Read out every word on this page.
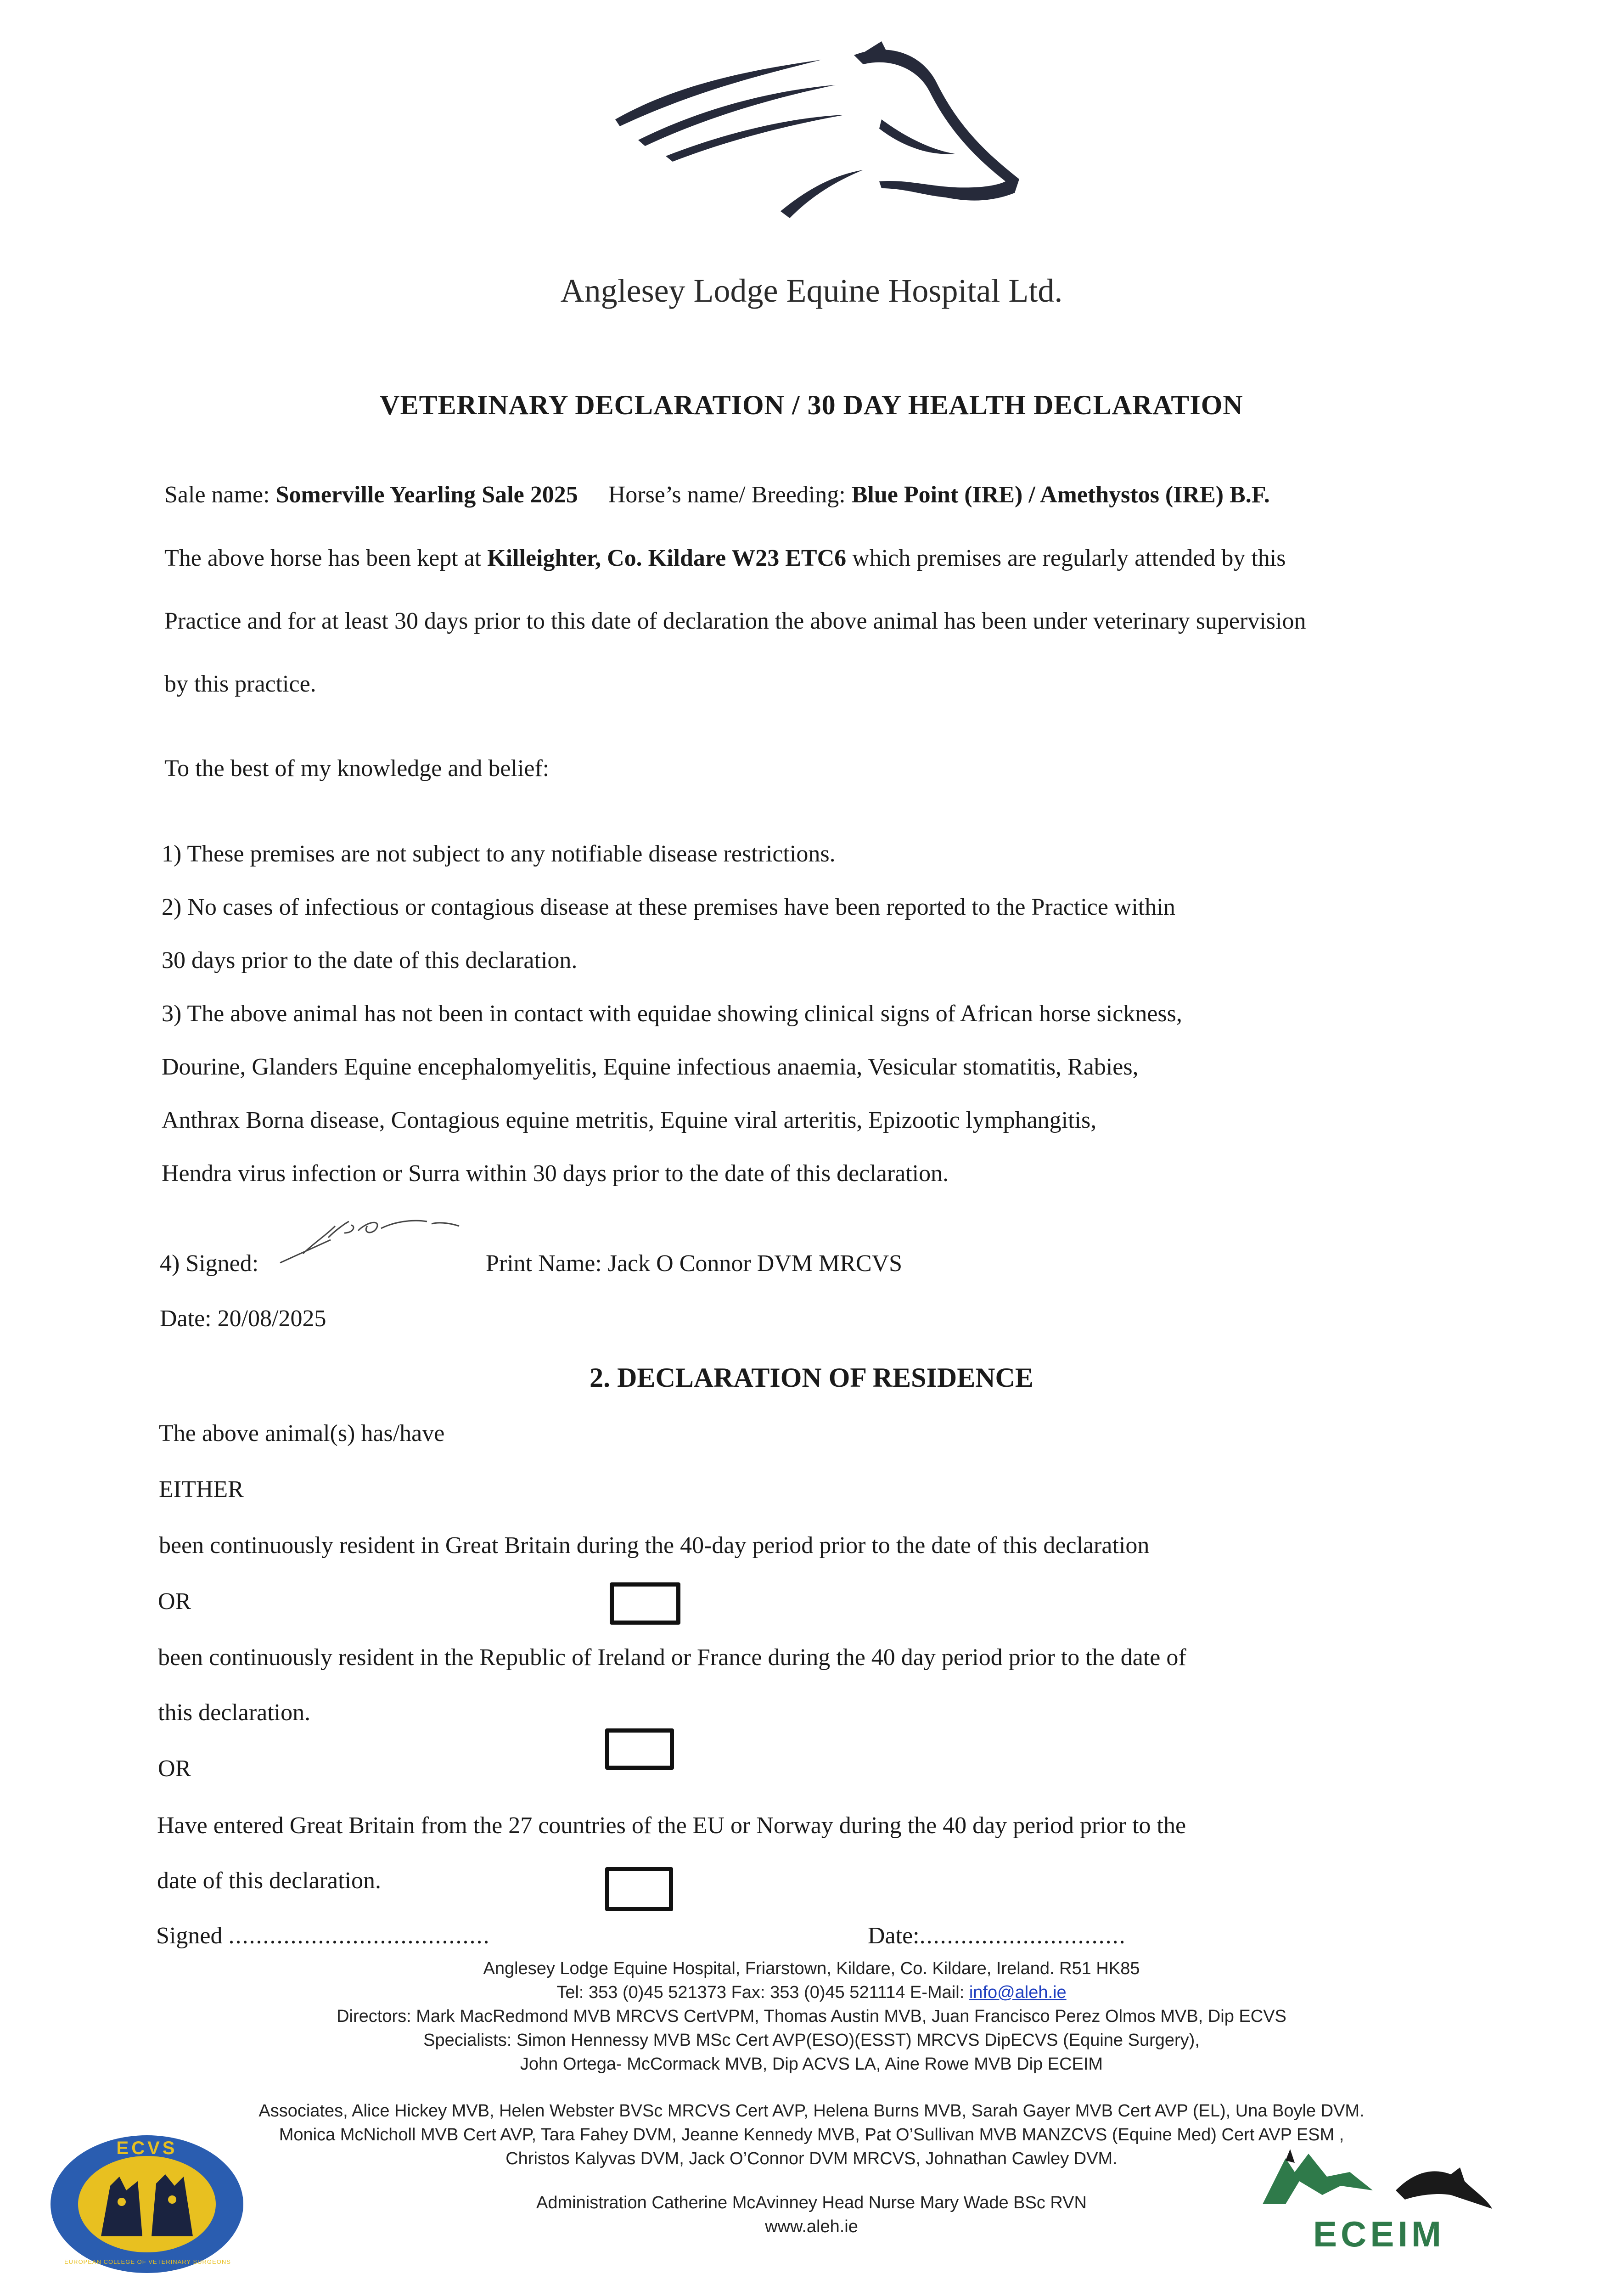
Anglesey Lodge Equine Hospital Ltd.
VETERINARY DECLARATION / 30 DAY HEALTH DECLARATION
Sale name: Somerville Yearling Sale 2025 Horse’s name/ Breeding: Blue Point (IRE) / Amethystos (IRE) B.F.
The above horse has been kept at Killeighter, Co. Kildare W23 ETC6 which premises are regularly attended by this
Practice and for at least 30 days prior to this date of declaration the above animal has been under veterinary supervision
by this practice.
To the best of my knowledge and belief:
1) These premises are not subject to any notifiable disease restrictions.
2) No cases of infectious or contagious disease at these premises have been reported to the Practice within
30 days prior to the date of this declaration.
3) The above animal has not been in contact with equidae showing clinical signs of African horse sickness,
Dourine, Glanders Equine encephalomyelitis, Equine infectious anaemia, Vesicular stomatitis, Rabies,
Anthrax Borna disease, Contagious equine metritis, Equine viral arteritis, Epizootic lymphangitis,
Hendra virus infection or Surra within 30 days prior to the date of this declaration.
4) Signed:	Print Name: Jack O Connor DVM MRCVS
Date: 20/08/2025
2. DECLARATION OF RESIDENCE
The above animal(s) has/have
EITHER
been continuously resident in Great Britain during the 40-day period prior to the date of this declaration
OR
been continuously resident in the Republic of Ireland or France during the 40 day period prior to the date of
this declaration.
OR
Have entered Great Britain from the 27 countries of the EU or Norway during the 40 day period prior to the
date of this declaration.
Signed ......................................	Date:..............................
Anglesey Lodge Equine Hospital, Friarstown, Kildare, Co. Kildare, Ireland. R51 HK85
Tel: 353 (0)45 521373 Fax: 353 (0)45 521114 E-Mail: info@aleh.ie
Directors: Mark MacRedmond MVB MRCVS CertVPM, Thomas Austin MVB, Juan Francisco Perez Olmos MVB, Dip ECVS
Specialists: Simon Hennessy MVB MSc Cert AVP(ESO)(ESST) MRCVS DipECVS (Equine Surgery),
John Ortega- McCormack MVB, Dip ACVS LA, Aine Rowe MVB Dip ECEIM
Associates, Alice Hickey MVB, Helen Webster BVSc MRCVS Cert AVP, Helena Burns MVB, Sarah Gayer MVB Cert AVP (EL), Una Boyle DVM.
Monica McNicholl MVB Cert AVP, Tara Fahey DVM, Jeanne Kennedy MVB, Pat O’Sullivan MVB MANZCVS (Equine Med) Cert AVP ESM ,
Christos Kalyvas DVM, Jack O’Connor DVM MRCVS, Johnathan Cawley DVM.
Administration Catherine McAvinney Head Nurse Mary Wade BSc RVN
www.aleh.ie
ECVS
EUROPEAN COLLEGE OF VETERINARY SURGEONS
ECEIM
